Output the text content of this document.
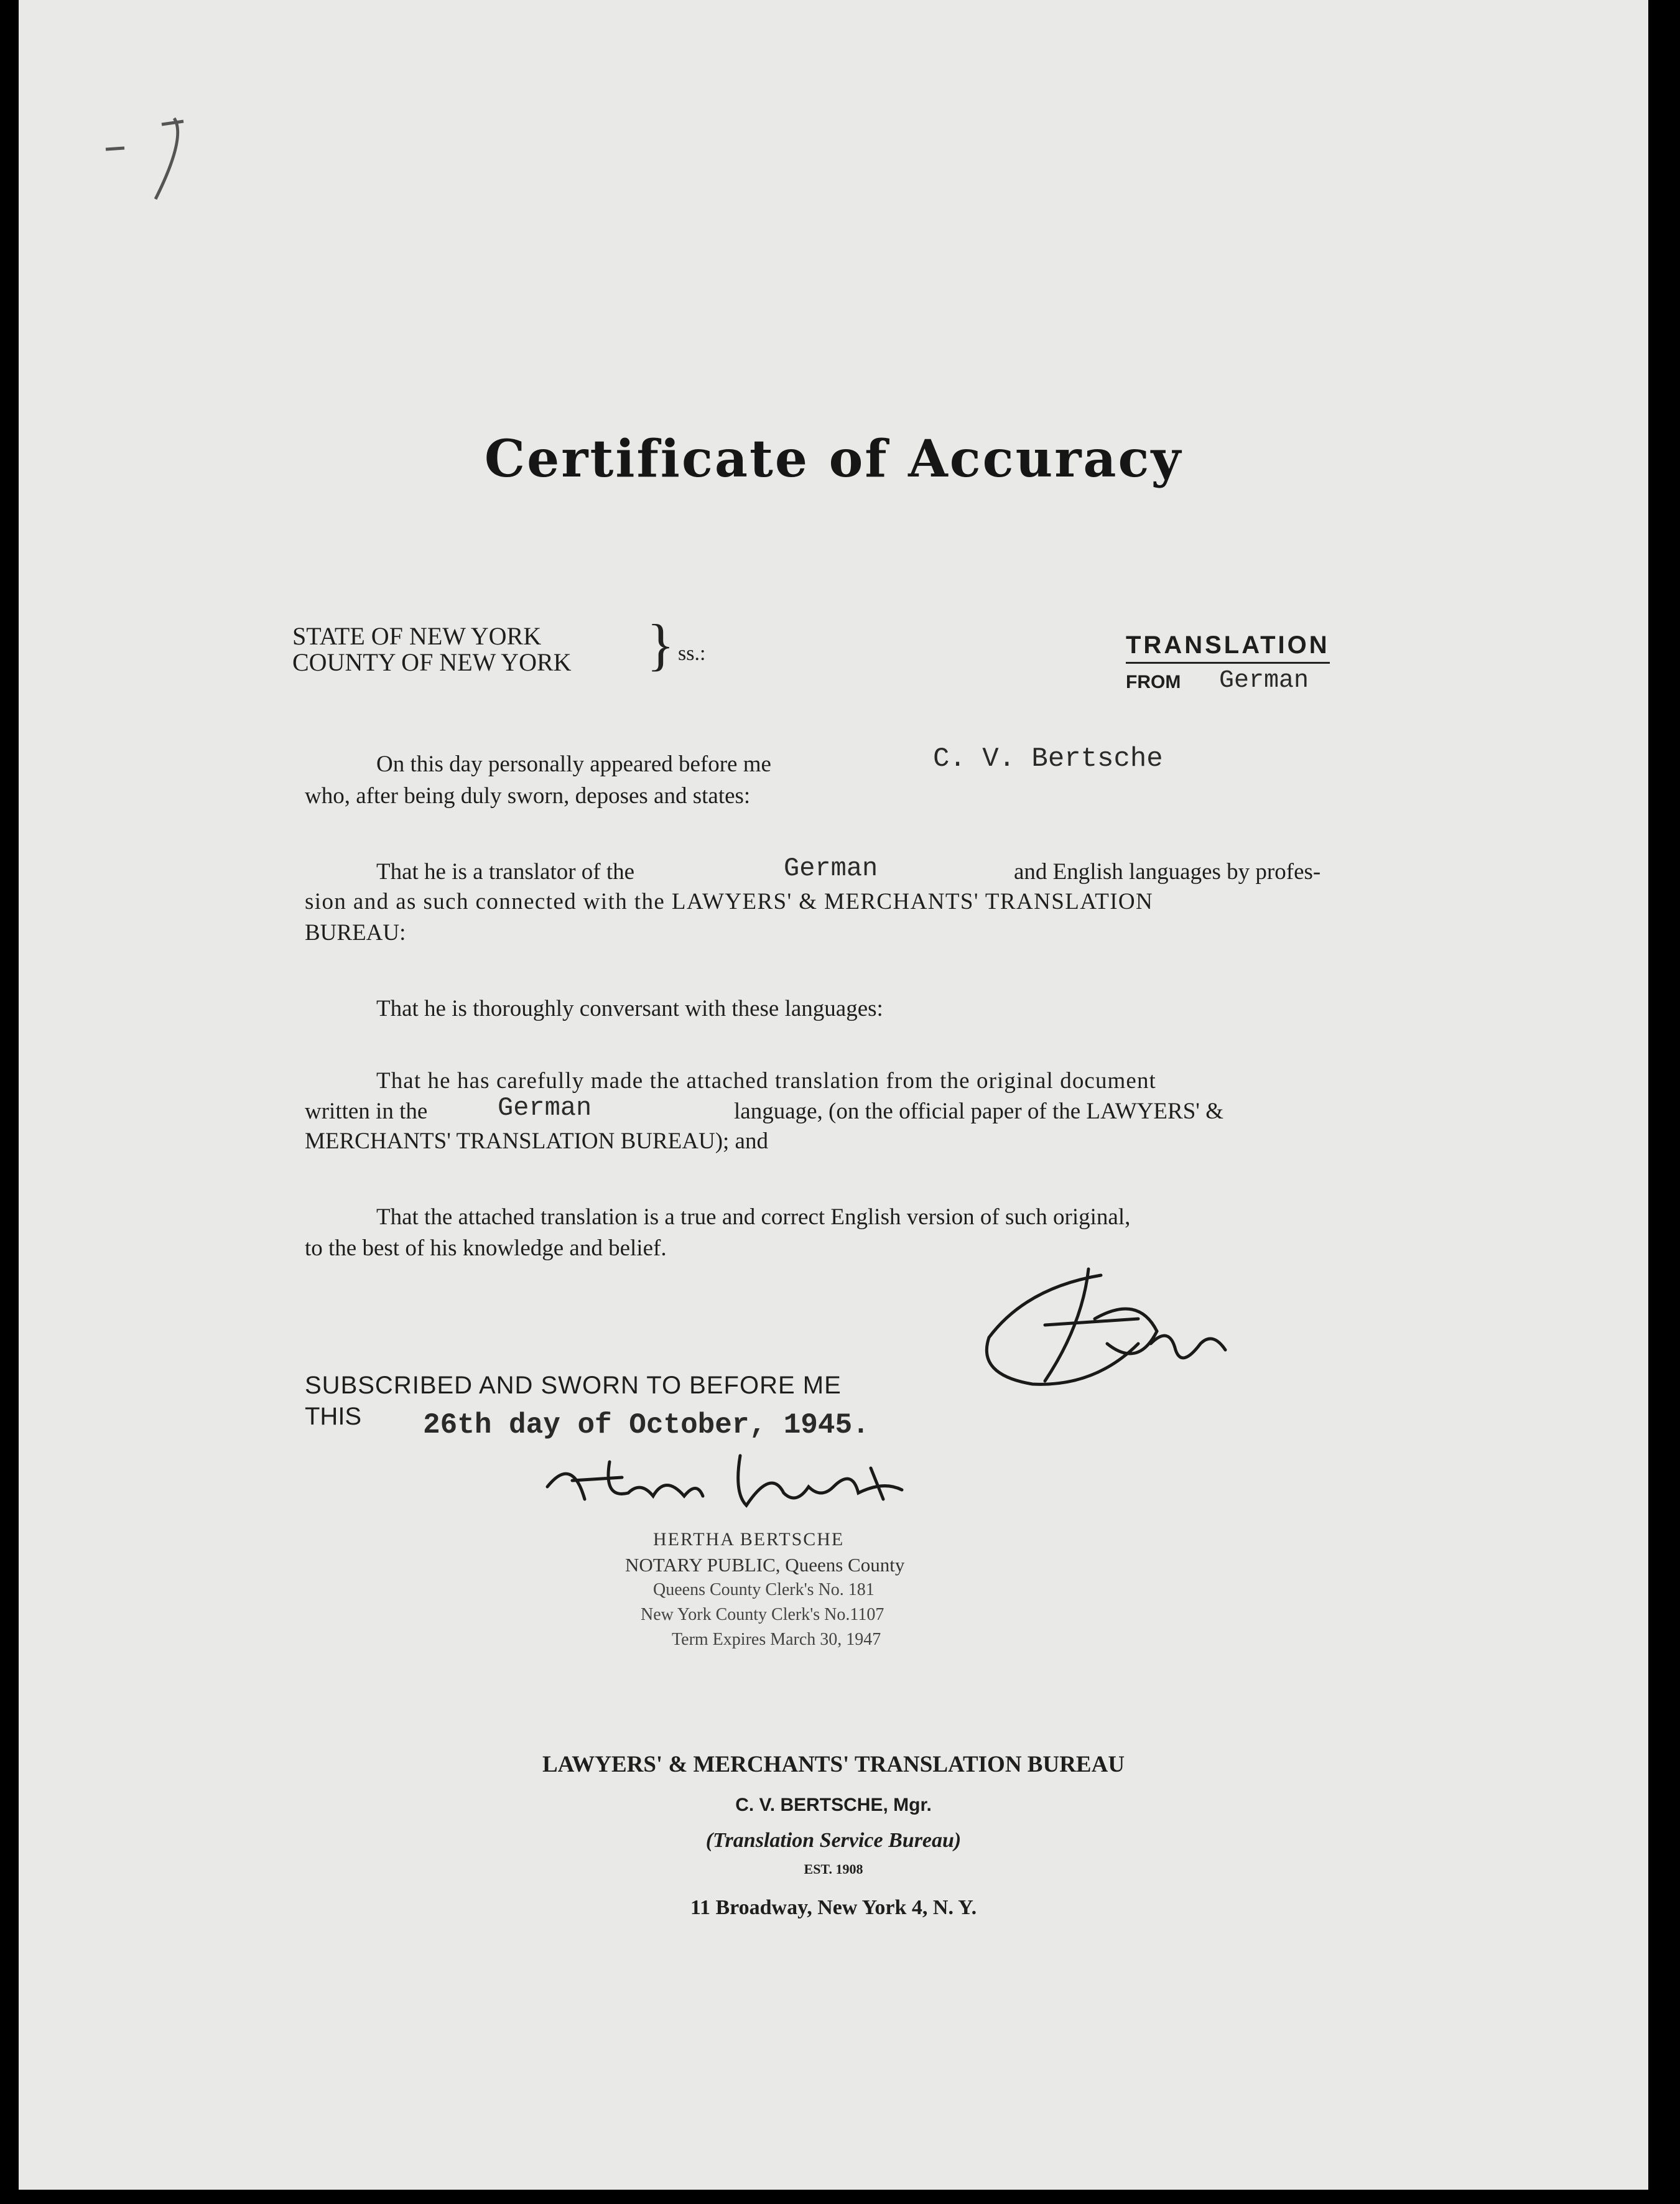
Certificate of Accuracy
STATE OF NEW YORK
COUNTY OF NEW YORK } ss.:	TRANSLATION
FROM German
On this day personally appeared before me	C. V. Bertsche
who, after being duly sworn, deposes and states:
That he is a translator of the	German	and English languages by profes-
sion and as such connected with the LAWYERS' & MERCHANTS' TRANSLATION
BUREAU:
That he is thoroughly conversant with these languages:
That he has carefully made the attached translation from the original document
written in the	German	language, (on the official paper of the LAWYERS' &
MERCHANTS' TRANSLATION BUREAU); and
That the attached translation is a true and correct English version of such original,
to the best of his knowledge and belief.
SUBSCRIBED AND SWORN TO BEFORE ME
THIS 26th day of October, 1945.
HERTHA BERTSCHE
NOTARY PUBLIC, Queens County
Queens County Clerk's No. 181
New York County Clerk's No.1107
Term Expires March 30, 1947
LAWYERS' & MERCHANTS' TRANSLATION BUREAU
C. V. BERTSCHE, Mgr.
(Translation Service Bureau)
EST. 1908
11 Broadway, New York 4, N. Y.
